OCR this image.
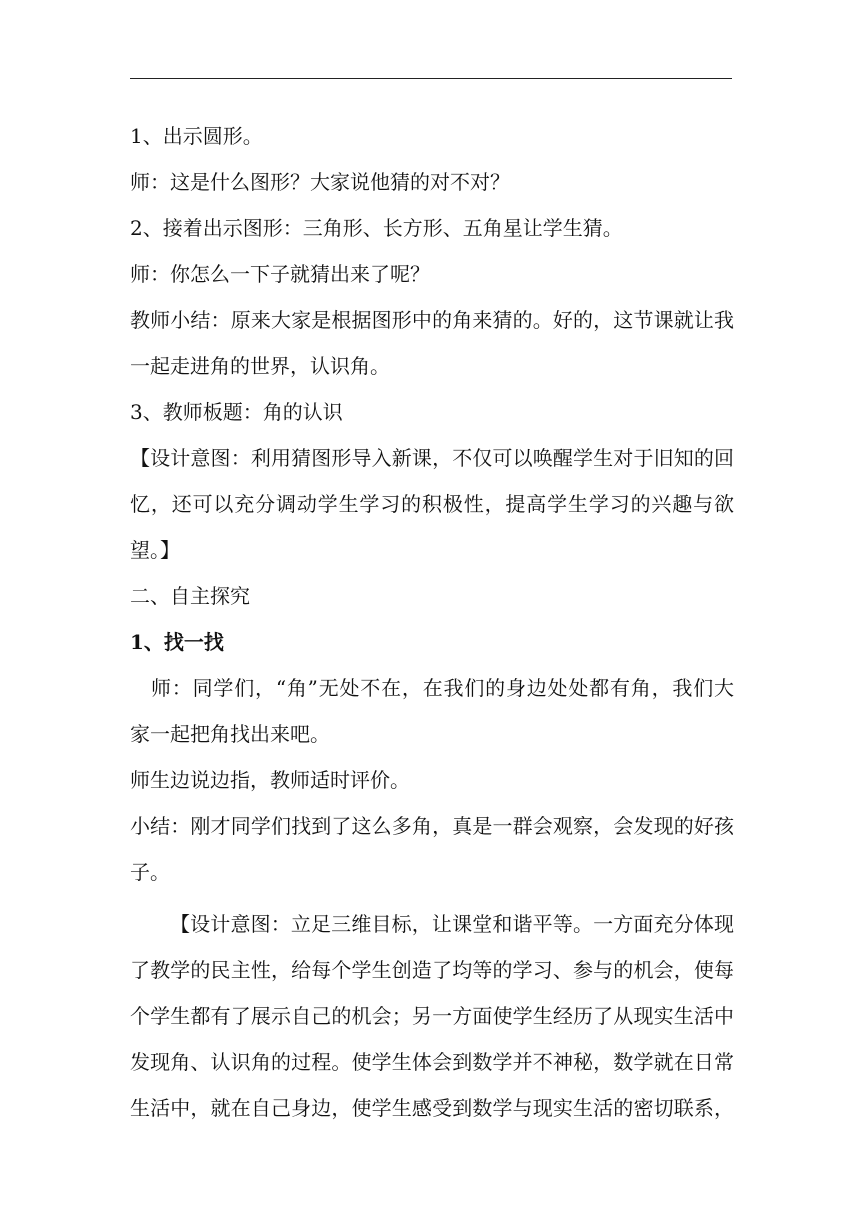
1、出示圆形。
师：这是什么图形？大家说他猜的对不对？
2、接着出示图形：三角形、长方形、五角星让学生猜。
师：你怎么一下子就猜出来了呢？
教师小结：原来大家是根据图形中的角来猜的。好的，这节课就让我
一起走进角的世界，认识角。
3、教师板题：角的认识
【设计意图：利用猜图形导入新课，不仅可以唤醒学生对于旧知的回
忆，还可以充分调动学生学习的积极性，提高学生学习的兴趣与欲
望。】
二、自主探究
1、找一找
师：同学们，“角”无处不在，在我们的身边处处都有角，我们大
家一起把角找出来吧。
师生边说边指，教师适时评价。
小结：刚才同学们找到了这么多角，真是一群会观察，会发现的好孩
子。
【设计意图：立足三维目标，让课堂和谐平等。一方面充分体现
了教学的民主性，给每个学生创造了均等的学习、参与的机会，使每
个学生都有了展示自己的机会；另一方面使学生经历了从现实生活中
发现角、认识角的过程。使学生体会到数学并不神秘，数学就在日常
生活中，就在自己身边，使学生感受到数学与现实生活的密切联系，
